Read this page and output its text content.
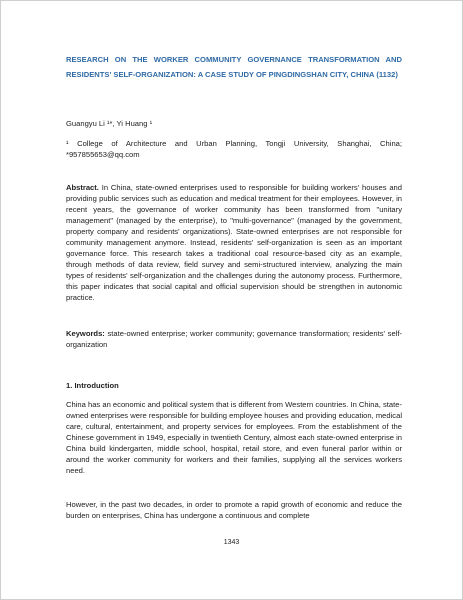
RESEARCH ON THE WORKER COMMUNITY GOVERNANCE TRANSFORMATION AND RESIDENTS' SELF-ORGANIZATION: A CASE STUDY OF PINGDINGSHAN CITY, CHINA (1132)

Guangyu Li ¹*, Yi Huang ¹

¹ College of Architecture and Urban Planning, Tongji University, Shanghai, China; *957855653@qq.com

Abstract. In China, state-owned enterprises used to responsible for building workers' houses and providing public services such as education and medical treatment for their employees. However, in recent years, the governance of worker community has been transformed from "unitary management" (managed by the enterprise), to "multi-governance" (managed by the government, property company and residents' organizations). State-owned enterprises are not responsible for community management anymore. Instead, residents' self-organization is seen as an important governance force. This research takes a traditional coal resource-based city as an example, through methods of data review, field survey and semi-structured interview, analyzing the main types of residents' self-organization and the challenges during the autonomy process. Furthermore, this paper indicates that social capital and official supervision should be strengthen in autonomic practice.

Keywords: state-owned enterprise; worker community; governance transformation; residents' self-organization

1. Introduction

China has an economic and political system that is different from Western countries. In China, state-owned enterprises were responsible for building employee houses and providing education, medical care, cultural, entertainment, and property services for employees. From the establishment of the Chinese government in 1949, especially in twentieth Century, almost each state-owned enterprise in China build kindergarten, middle school, hospital, retail store, and even funeral parlor within or around the worker community for workers and their families, supplying all the services workers need.

However, in the past two decades, in order to promote a rapid growth of economic and reduce the burden on enterprises, China has undergone a continuous and complete

1343
